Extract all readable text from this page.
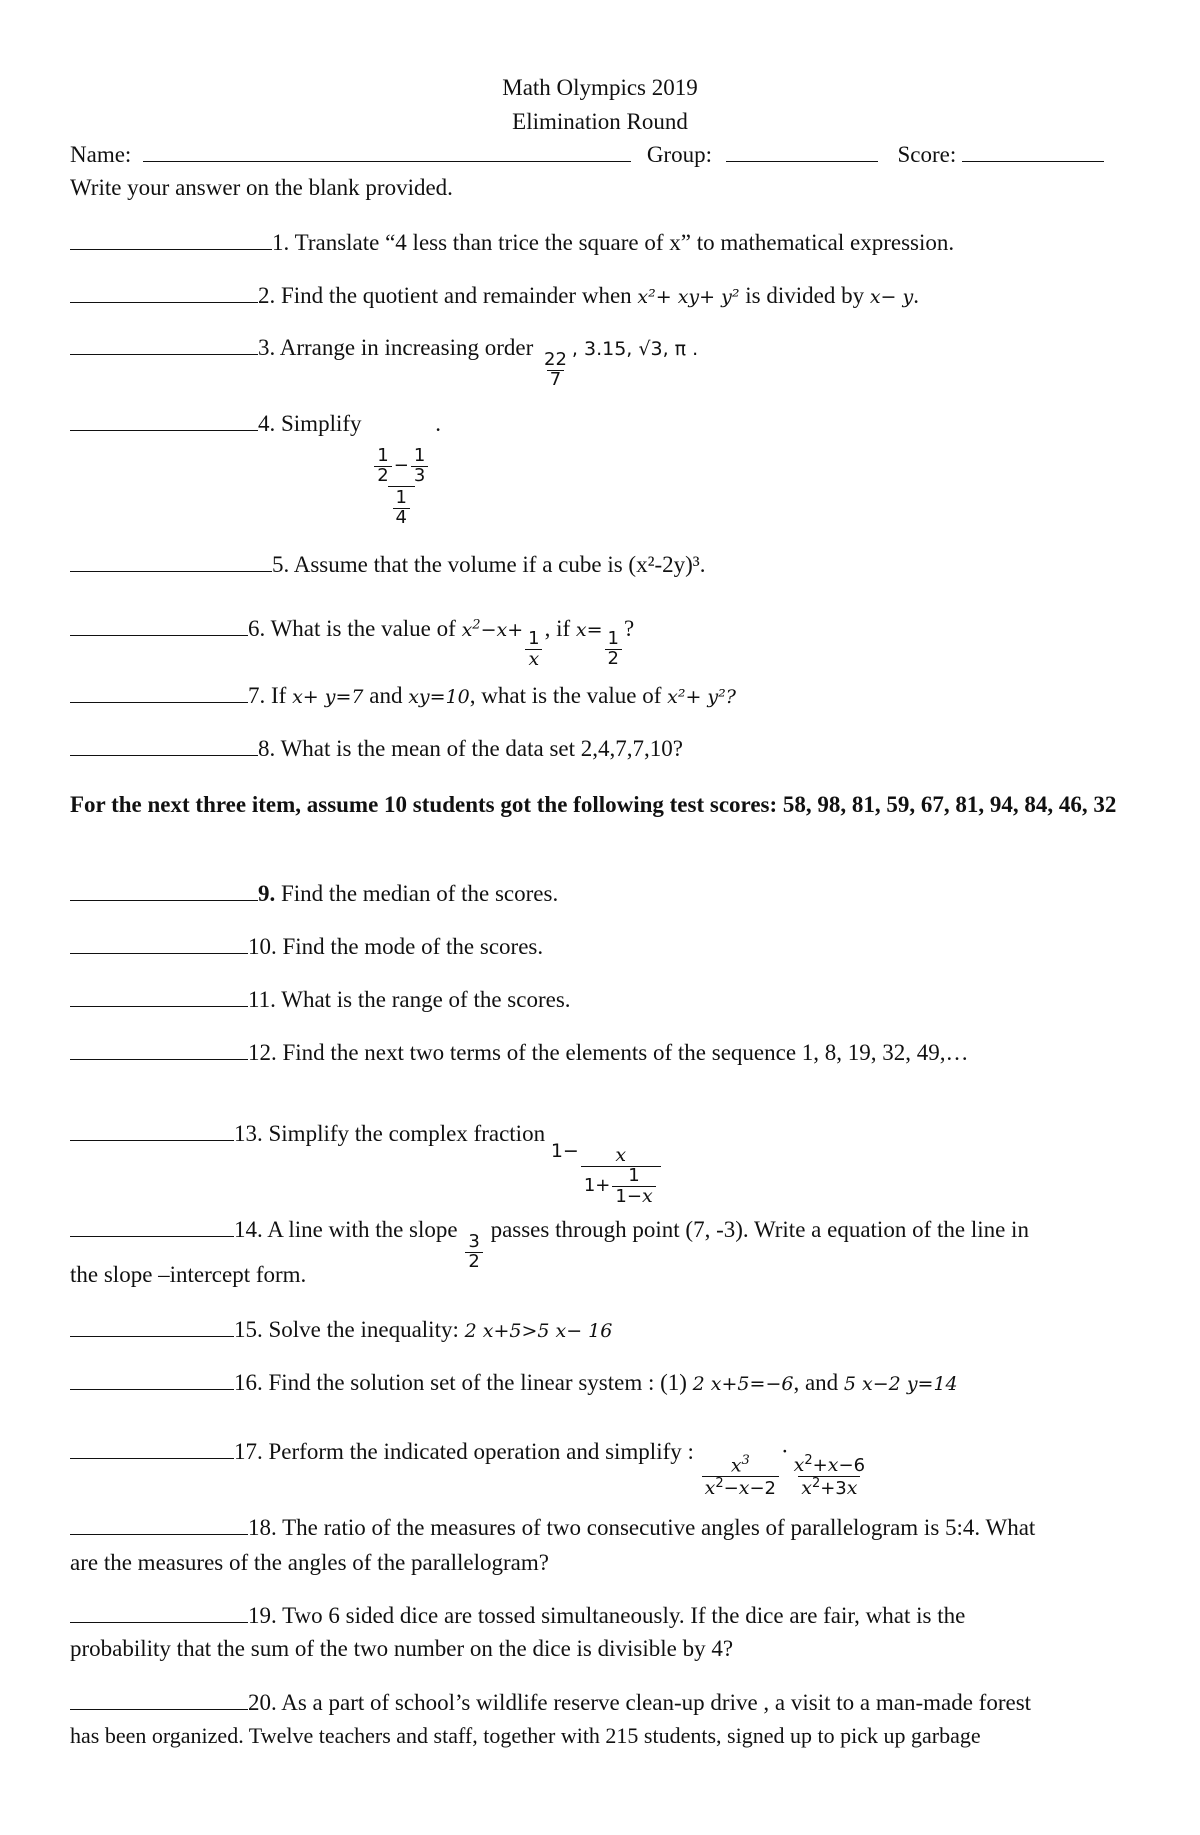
Math Olympics 2019
Elimination Round
Name:	Group:	Score:
Write your answer on the blank provided.
1. Translate “4 less than trice the square of x” to mathematical expression.
2. Find the quotient and remainder when x²+ xy+ y² is divided by x− y.
3. Arrange in increasing order
$\frac{22}{7}$
, 3.15, √3, π .
4. Simplify
$\frac{\frac{1}{2} - \frac{1}{3}}{\frac{1}{4}}$
.
5. Assume that the volume if a cube is (x²-2y)³.
6. What is the value of $x^2-x+ \frac{1}{x}$
, if $x= \frac{1}{2}$
?
7. If x+ y=7 and xy=10, what is the value of x²+ y²?
8. What is the mean of the data set 2,4,7,7,10?
For the next three item, assume 10 students got the following test scores: 58, 98, 81, 59, 67, 81, 94, 84, 46, 32
9. Find the median of the scores.
10. Find the mode of the scores.
11. What is the range of the scores.
12. Find the next two terms of the elements of the sequence 1, 8, 19, 32, 49,…
13. Simplify the complex fraction
$1- \frac{x}{1+ \frac{1}{1-x}}$
14. A line with the slope
$\frac{3}{2}$
passes through point (7, -3). Write a equation of the line in
the slope –intercept form.
15. Solve the inequality: 2 x+5>5 x− 16
16. Find the solution set of the linear system : (1) 2 x+5=−6, and 5 x−2 y=14
17. Perform the indicated operation and simplify :
$\frac{x^3}{x^2-x-2}$
·
$\frac{x^2+x-6}{x^2+3x}$
18. The ratio of the measures of two consecutive angles of parallelogram is 5:4. What
are the measures of the angles of the parallelogram?
19. Two 6 sided dice are tossed simultaneously. If the dice are fair, what is the
probability that the sum of the two number on the dice is divisible by 4?
20. As a part of school’s wildlife reserve clean-up drive , a visit to a man-made forest
has been organized. Twelve teachers and staff, together with 215 students, signed up to pick up garbage
